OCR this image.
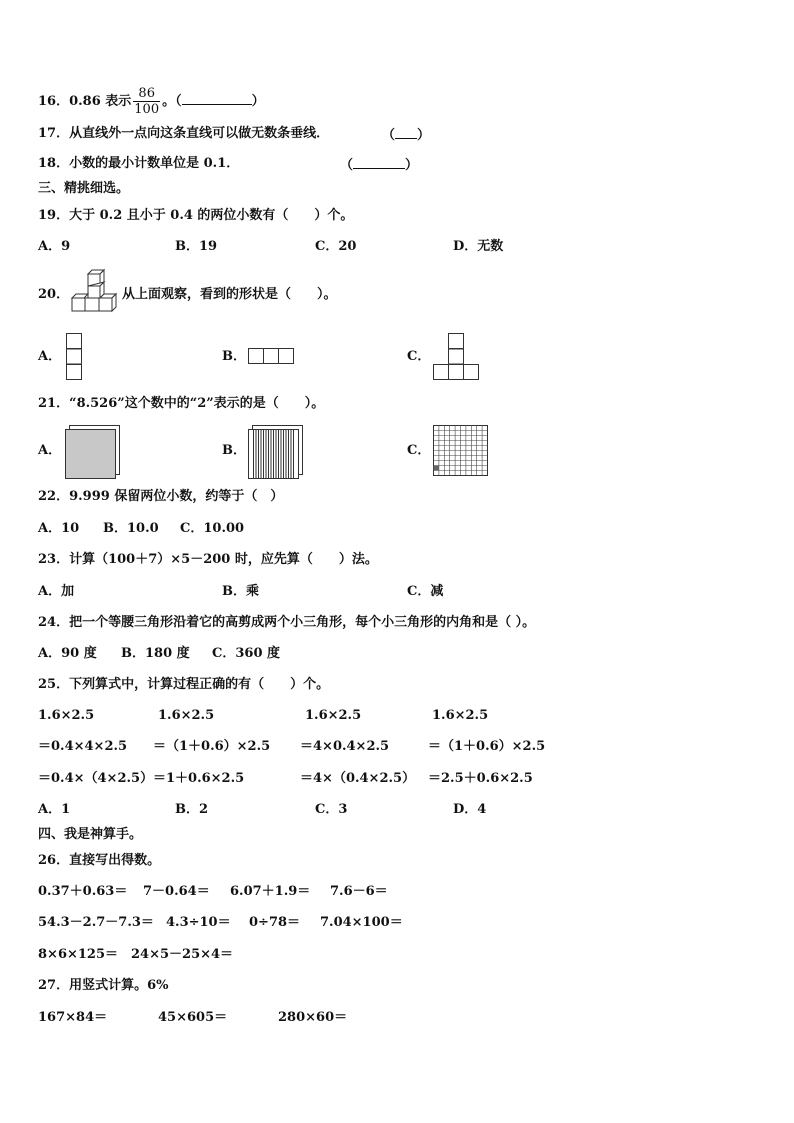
16．0.86 表示 $\frac{86}{100}$ 。（	）
17．从直线外一点向这条直线可以做无数条垂线．	（ ）
18．小数的最小计数单位是 0.1．	（	）
三、精挑细选。
19．大于 0.2 且小于 0.4 的两位小数有（　　）个。
A．9	B．19	C．20	D．无数
20．	从上面观察，看到的形状是（　　）。
A．	B．	C．
21．“8.526”这个数中的“2”表示的是（　　）。
A．	B．	C．
22．9.999 保留两位小数，约等于（　）
A．10 B．10.0 C．10.00
23．计算（100＋7）×5－200 时，应先算（　　）法。
A．加	B．乘	C．减
24．把一个等腰三角形沿着它的高剪成两个小三角形，每个小三角形的内角和是（ ）。
A．90 度 B．180 度 C．360 度
25．下列算式中，计算过程正确的有（　　）个。
1.6×2.5	1.6×2.5	1.6×2.5	1.6×2.5
＝0.4×4×2.5 ＝（1＋0.6）×2.5 ＝4×0.4×2.5	＝（1＋0.6）×2.5
＝0.4×（4×2.5） ＝1＋0.6×2.5	＝4×（0.4×2.5） ＝2.5＋0.6×2.5
A．1	B．2	C．3	D．4
四、我是神算手。
26．直接写出得数。
0.37＋0.63＝ 7－0.64＝ 6.07＋1.9＝ 7.6－6＝
54.3－2.7－7.3＝ 4.3÷10＝ 0÷78＝ 7.04×100＝
8×6×125＝ 24×5－25×4＝
27．用竖式计算。6%
167×84＝	45×605＝	280×60＝
